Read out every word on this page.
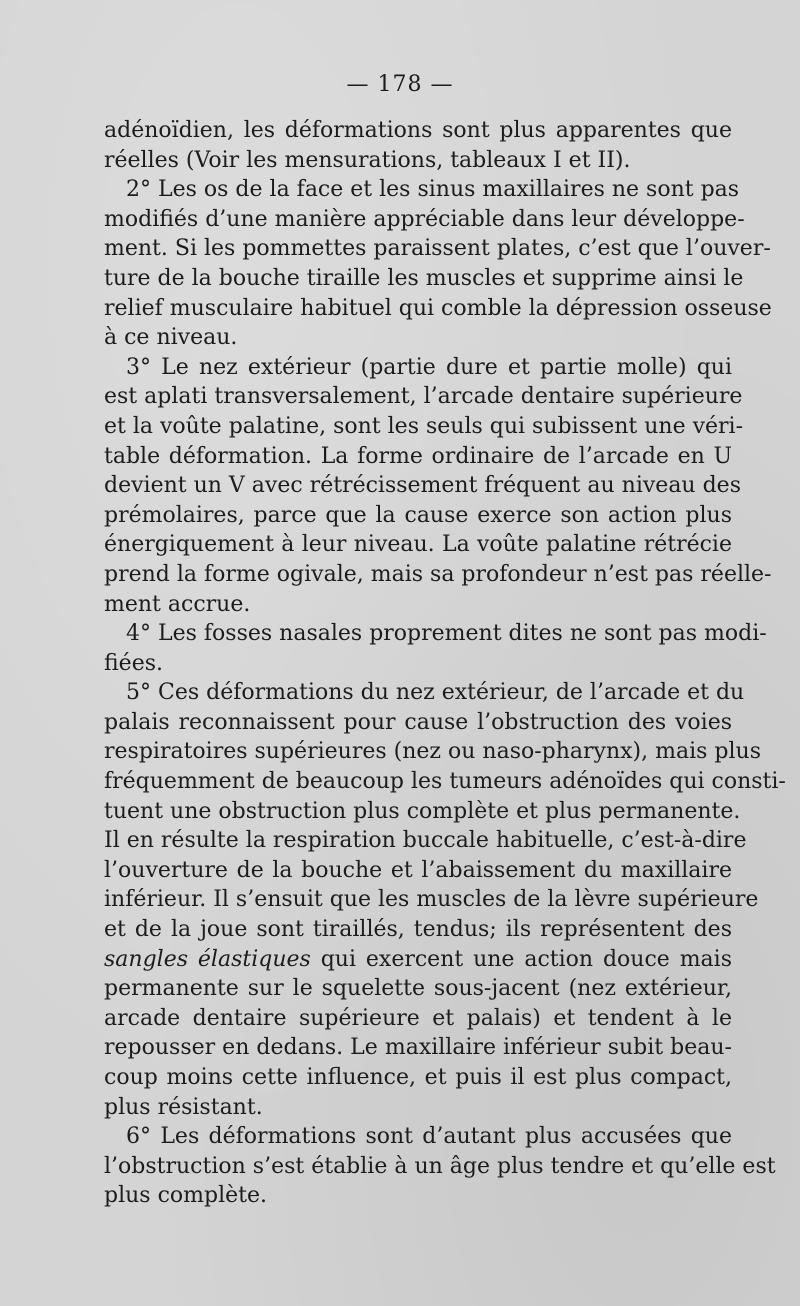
— 178 —
adénoïdien, les déformations sont plus apparentes que
réelles (Voir les mensurations, tableaux I et II).
2° Les os de la face et les sinus maxillaires ne sont pas
modifiés d’une manière appréciable dans leur développe-
ment. Si les pommettes paraissent plates, c’est que l’ouver-
ture de la bouche tiraille les muscles et supprime ainsi le
relief musculaire habituel qui comble la dépression osseuse
à ce niveau.
3° Le nez extérieur (partie dure et partie molle) qui
est aplati transversalement, l’arcade dentaire supérieure
et la voûte palatine, sont les seuls qui subissent une véri-
table déformation. La forme ordinaire de l’arcade en U
devient un V avec rétrécissement fréquent au niveau des
prémolaires, parce que la cause exerce son action plus
énergiquement à leur niveau. La voûte palatine rétrécie
prend la forme ogivale, mais sa profondeur n’est pas réelle-
ment accrue.
4° Les fosses nasales proprement dites ne sont pas modi-
fiées.
5° Ces déformations du nez extérieur, de l’arcade et du
palais reconnaissent pour cause l’obstruction des voies
respiratoires supérieures (nez ou naso-pharynx), mais plus
fréquemment de beaucoup les tumeurs adénoïdes qui consti-
tuent une obstruction plus complète et plus permanente.
Il en résulte la respiration buccale habituelle, c’est-à-dire
l’ouverture de la bouche et l’abaissement du maxillaire
inférieur. Il s’ensuit que les muscles de la lèvre supérieure
et de la joue sont tiraillés, tendus; ils représentent des
sangles élastiques qui exercent une action douce mais
permanente sur le squelette sous-jacent (nez extérieur,
arcade dentaire supérieure et palais) et tendent à le
repousser en dedans. Le maxillaire inférieur subit beau-
coup moins cette influence, et puis il est plus compact,
plus résistant.
6° Les déformations sont d’autant plus accusées que
l’obstruction s’est établie à un âge plus tendre et qu’elle est
plus complète.
